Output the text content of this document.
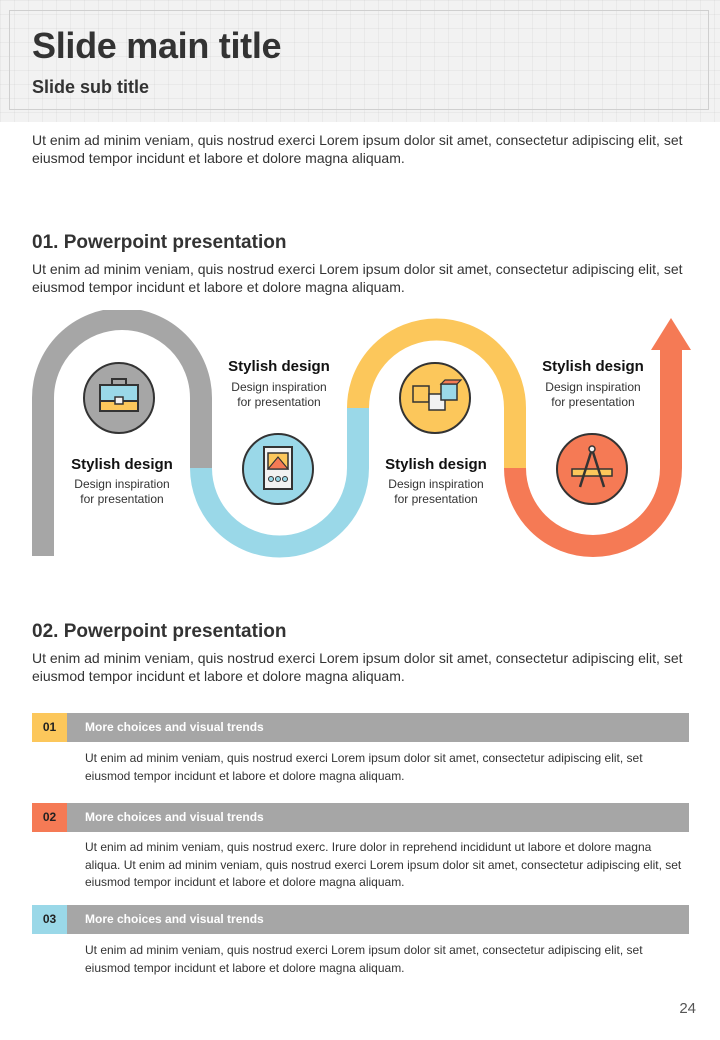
Slide main title
Slide sub title

Ut enim ad minim veniam, quis nostrud exerci Lorem ipsum dolor sit amet, consectetur adipiscing elit, set eiusmod tempor incidunt et labore et dolore magna aliquam.

01. Powerpoint presentation

Ut enim ad minim veniam, quis nostrud exerci Lorem ipsum dolor sit amet, consectetur adipiscing elit, set eiusmod tempor incidunt et labore et dolore magna aliquam.

Stylish design
Design inspiration
for presentation
Stylish design
Design inspiration
for presentation
Stylish design
Design inspiration
for presentation
Stylish design
Design inspiration
for presentation
02. Powerpoint presentation

Ut enim ad minim veniam, quis nostrud exerci Lorem ipsum dolor sit amet, consectetur adipiscing elit, set eiusmod tempor incidunt et labore et dolore magna aliquam.

01	More choices and visual trends

Ut enim ad minim veniam, quis nostrud exerci Lorem ipsum dolor sit amet, consectetur adipiscing elit, set eiusmod tempor incidunt et labore et dolore magna aliquam.

02	More choices and visual trends

Ut enim ad minim veniam, quis nostrud exerc. Irure dolor in reprehend incididunt ut labore et dolore magna aliqua. Ut enim ad minim veniam, quis nostrud exerci Lorem ipsum dolor sit amet, consectetur adipiscing elit, set eiusmod tempor incidunt et labore et dolore magna aliquam.

03	More choices and visual trends

Ut enim ad minim veniam, quis nostrud exerci Lorem ipsum dolor sit amet, consectetur adipiscing elit, set eiusmod tempor incidunt et labore et dolore magna aliquam.

24
